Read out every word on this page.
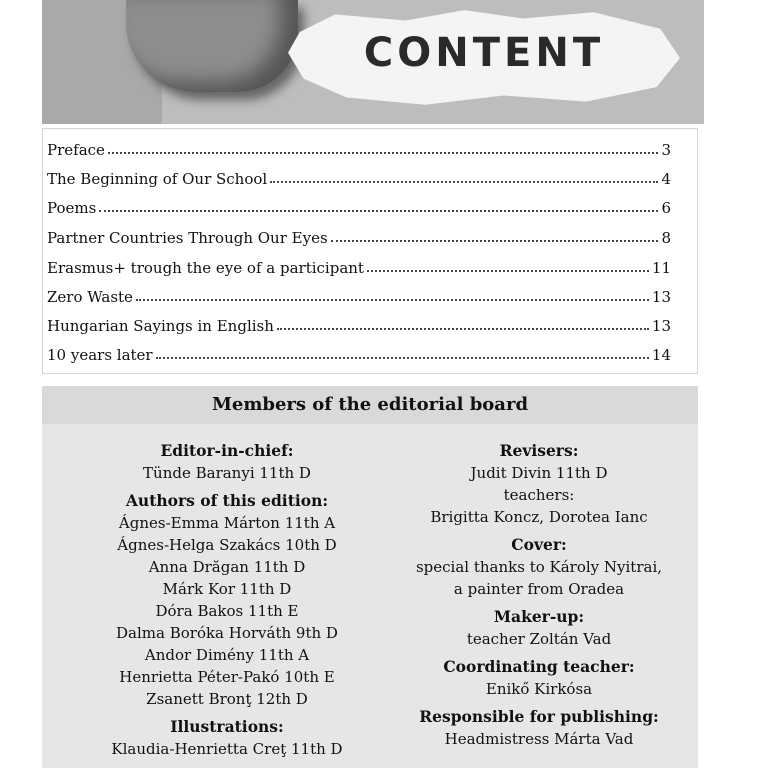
CONTENT
Preface	3
The Beginning of Our School	4
Poems	6
Partner Countries Through Our Eyes	8
Erasmus+ trough the eye of a participant	11
Zero Waste	13
Hungarian Sayings in English	13
10 years later	14
Members of the editorial board
Editor-in-chief:
Tünde Baranyi 11th D
Authors of this edition:
Ágnes-Emma Márton 11th A
Ágnes-Helga Szakács 10th D
Anna Drăgan 11th D
Márk Kor 11th D
Dóra Bakos 11th E
Dalma Boróka Horváth 9th D
Andor Dimény 11th A
Henrietta Péter-Pakó 10th E
Zsanett Bronţ 12th D
Illustrations:
Klaudia-Henrietta Creţ 11th D
Revisers:
Judit Divin 11th D
teachers:
Brigitta Koncz, Dorotea Ianc
Cover:
special thanks to Károly Nyitrai,
a painter from Oradea
Maker-up:
teacher Zoltán Vad
Coordinating teacher:
Enikő Kirkósa
Responsible for publishing:
Headmistress Márta Vad
